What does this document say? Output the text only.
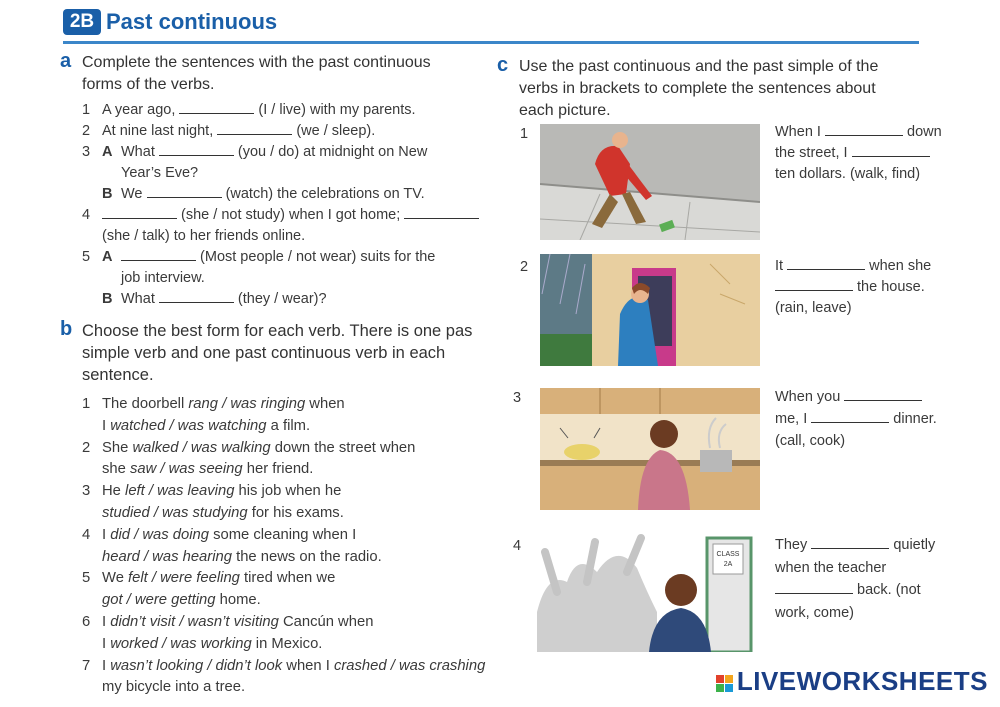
2B Past continuous
a Complete the sentences with the past continuous
forms of the verbs.
1 A year ago,	(I / live) with my parents.
2 At nine last night,	(we / sleep).
3 A What	(you / do) at midnight on New
Year’s Eve?
B We	(watch) the celebrations on TV.
4	(she / not study) when I got home;
(she / talk) to her friends online.
5 A	(Most people / not wear) suits for the
job interview.
B What	(they / wear)?
b Choose the best form for each verb. There is one pas
simple verb and one past continuous verb in each
sentence.
1 The doorbell rang / was ringing when
I watched / was watching a film.
2 She walked / was walking down the street when
she saw / was seeing her friend.
3 He left / was leaving his job when he
studied / was studying for his exams.
4 I did / was doing some cleaning when I
heard / was hearing the news on the radio.
5 We felt / were feeling tired when we
got / were getting home.
6 I didn’t visit / wasn’t visiting Cancún when
I worked / was working in Mexico.
7 I wasn’t looking / didn’t look when I crashed / was crashing
my bicycle into a tree.
c Use the past continuous and the past simple of the
verbs in brackets to complete the sentences about
each picture.
1
2
3
4
When I	down
the street, I
ten dollars. (walk, find)
It	when she
the house.
(rain, leave)
When you
me, I	dinner.
(call, cook)
CLASS
2A
They	quietly
when the teacher
back. (not
work, come)
LIVEWORKSHEETS
